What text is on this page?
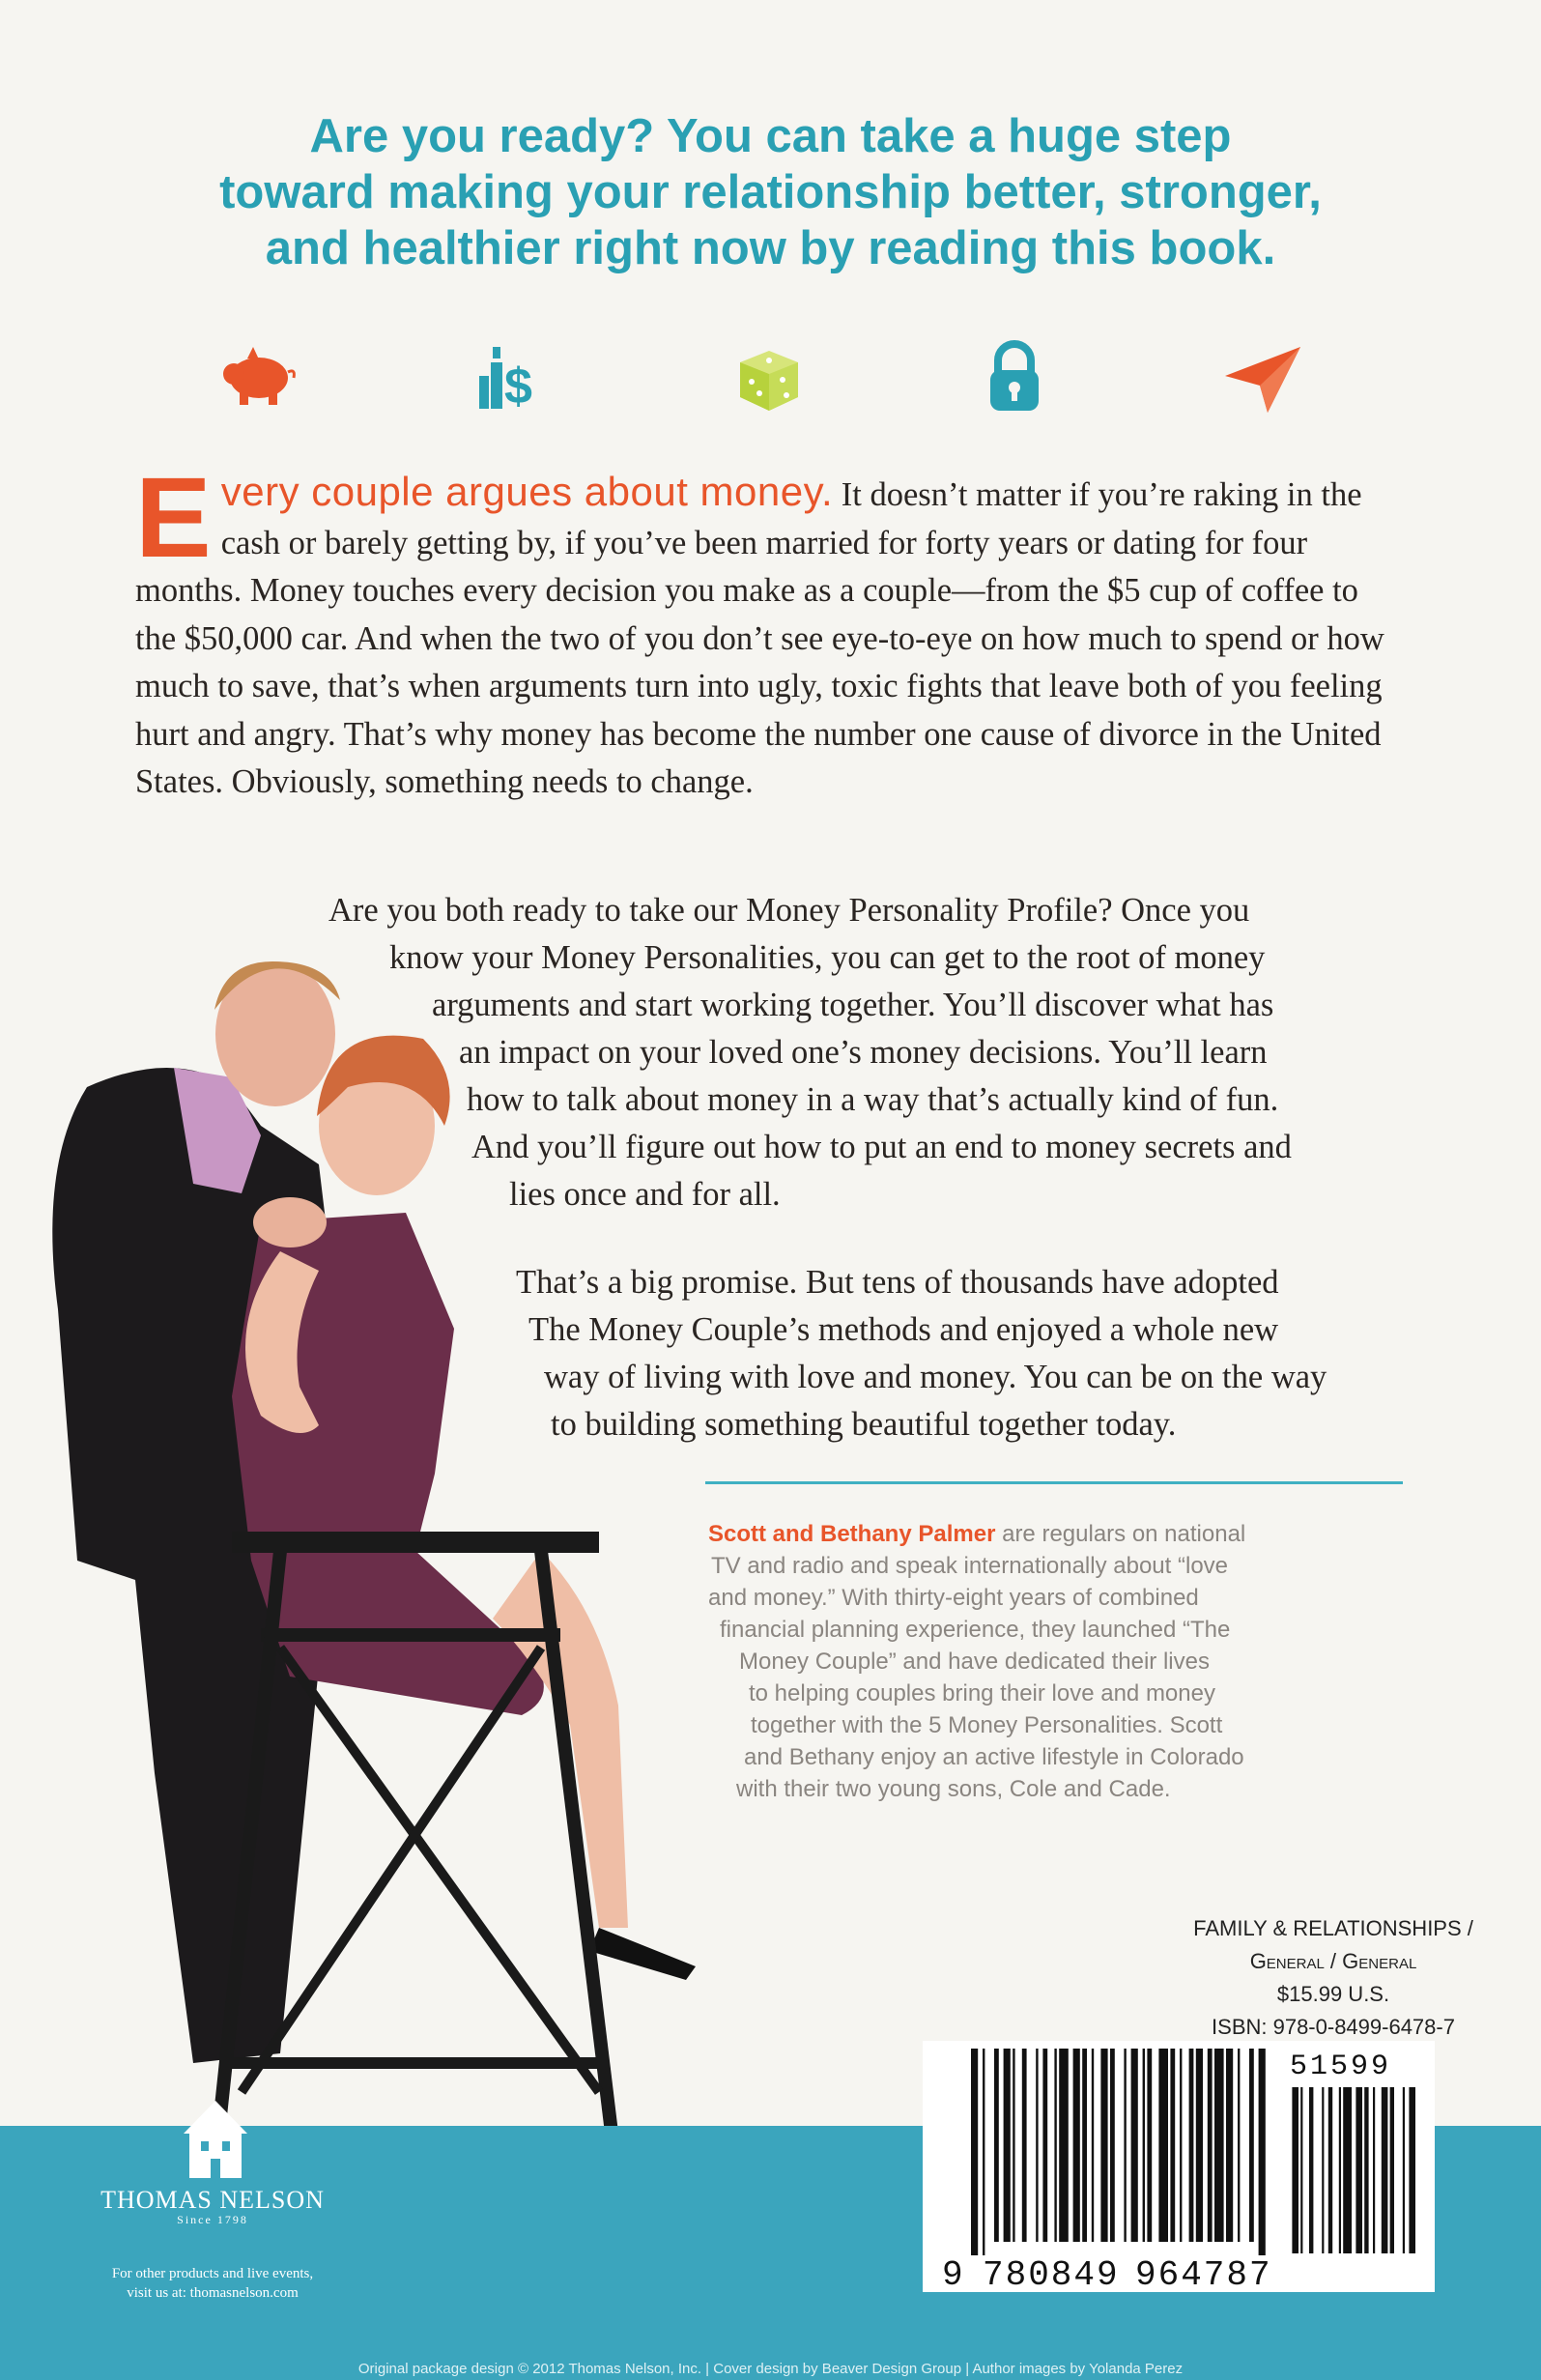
Are you ready? You can take a huge step
toward making your relationship better, stronger,
and healthier right now by reading this book.
$
E very couple argues about money. It doesn’t matter if you’re raking in the cash or barely getting by, if you’ve been married for forty years or dating for four months. Money touches every decision you make as a couple—from the $5 cup of coffee to the $50,000 car. And when the two of you don’t see eye-to-eye on how much to spend or how much to save, that’s when arguments turn into ugly, toxic fights that leave both of you feeling hurt and angry. That’s why money has become the number one cause of divorce in the United States. Obviously, something needs to change.
Are you both ready to take our Money Personality Profile? Once you
know your Money Personalities, you can get to the root of money
arguments and start working together. You’ll discover what has
an impact on your loved one’s money decisions. You’ll learn
how to talk about money in a way that’s actually kind of fun.
And you’ll figure out how to put an end to money secrets and
lies once and for all.
That’s a big promise. But tens of thousands have adopted
The Money Couple’s methods and enjoyed a whole new
way of living with love and money. You can be on the way
to building something beautiful together today.
Scott and Bethany Palmer are regulars on national
TV and radio and speak internationally about “love
and money.” With thirty-eight years of combined
financial planning experience, they launched “The
Money Couple” and have dedicated their lives
to helping couples bring their love and money
together with the 5 Money Personalities. Scott
and Bethany enjoy an active lifestyle in Colorado
with their two young sons, Cole and Cade.
FAMILY & RELATIONSHIPS /
General / General
$15.99 U.S.
ISBN: 978-0-8499-6478-7
9 780849 964787
51599
THOMAS NELSON
Since 1798
For other products and live events,
visit us at: thomasnelson.com
Original package design © 2012 Thomas Nelson, Inc. | Cover design by Beaver Design Group | Author images by Yolanda Perez
